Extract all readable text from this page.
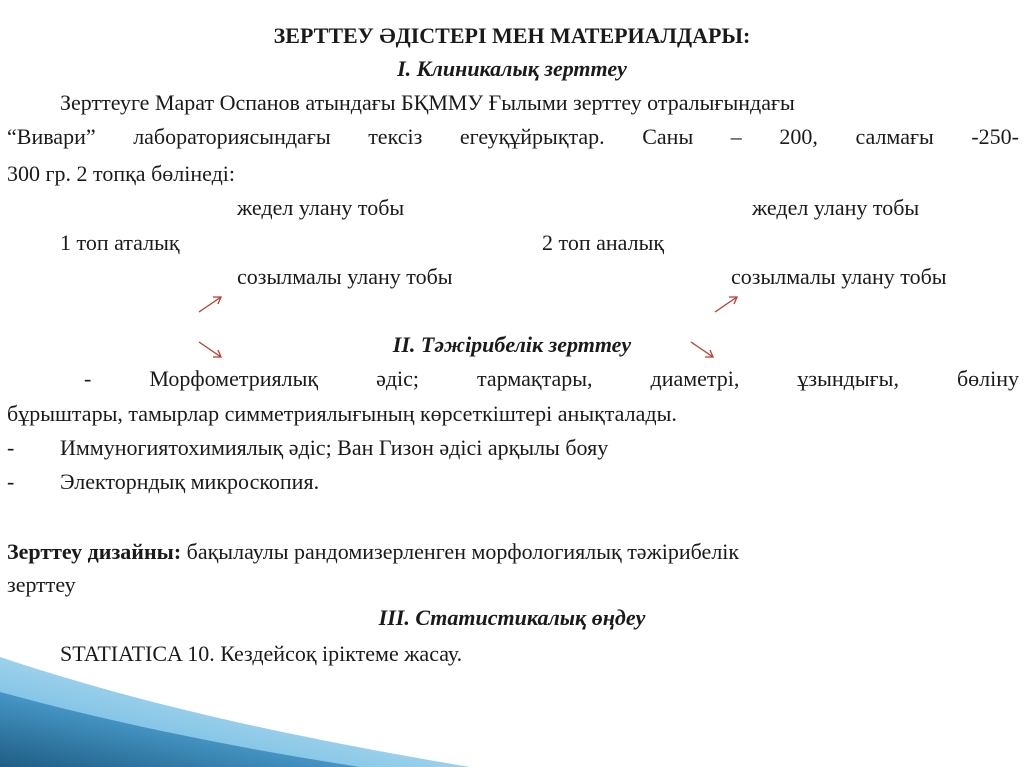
ЗЕРТТЕУ ӘДІСТЕРІ МЕН МАТЕРИАЛДАРЫ:
I. Клиникалық зерттеу
Зерттеуге Марат Оспанов атындағы БҚММУ Ғылыми зерттеу отралығындағы
“Вивари” лабораториясындағы тексіз егеуқұйрықтар. Саны – 200, салмағы -250-
300 гр. 2 топқа бөлінеді:
жедел улану тобы	жедел улану тобы
1 топ аталық	2 топ аналық
созылмалы улану тобы	созылмалы улану тобы
II. Тәжірибелік зерттеу
- Морфометриялық әдіс; тармақтары, диаметрі, ұзындығы, бөліну
бұрыштары, тамырлар симметриялығының көрсеткіштері анықталады.
- Иммуногиятохимиялық әдіс; Ван Гизон әдісі арқылы бояу
- Электорндық микроскопия.
Зерттеу дизайны: бақылаулы рандомизерленген морфологиялық тәжірибелік
зерттеу
III. Статистикалық өңдеу
STATIATICA 10. Кездейсоқ іріктеме жасау.
